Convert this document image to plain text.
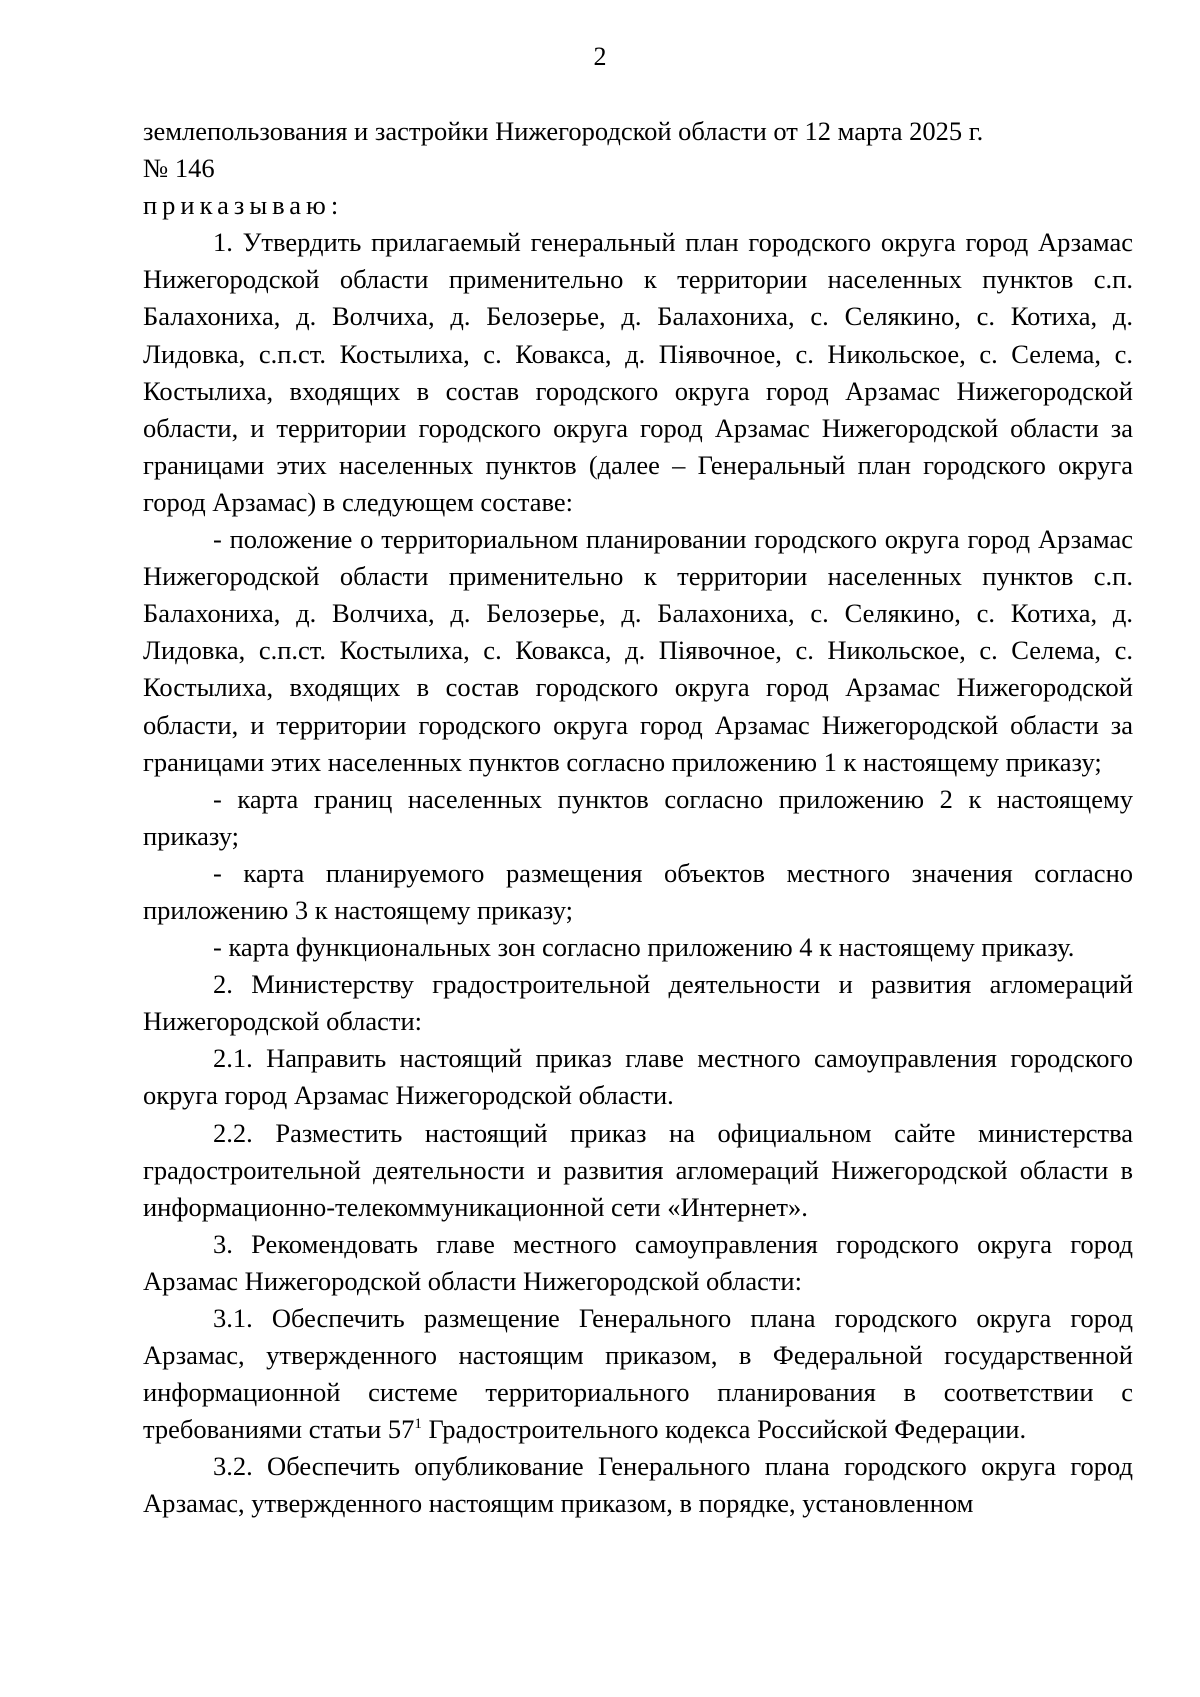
2

землепользования и застройки Нижегородской области от 12 марта 2025 г.
№ 146

приказываю:

1. Утвердить прилагаемый генеральный план городского округа город Арзамас Нижегородской области применительно к территории населенных пунктов с.п. Балахониха, д. Волчиха, д. Белозерье, д. Балахониха, с. Селякино, с. Котиха, д. Лидовка, с.п.ст. Костылиха, с. Ковакса, д. Піявочное, с. Никольское, с. Селема, с. Костылиха, входящих в состав городского округа город Арзамас Нижегородской области, и территории городского округа город Арзамас Нижегородской области за границами этих населенных пунктов (далее – Генеральный план городского округа город Арзамас) в следующем составе:

- положение о территориальном планировании городского округа город Арзамас Нижегородской области применительно к территории населенных пунктов с.п. Балахониха, д. Волчиха, д. Белозерье, д. Балахониха, с. Селякино, с. Котиха, д. Лидовка, с.п.ст. Костылиха, с. Ковакса, д. Піявочное, с. Никольское, с. Селема, с. Костылиха, входящих в состав городского округа город Арзамас Нижегородской области, и территории городского округа город Арзамас Нижегородской области за границами этих населенных пунктов согласно приложению 1 к настоящему приказу;

- карта границ населенных пунктов согласно приложению 2 к настоящему приказу;

- карта планируемого размещения объектов местного значения согласно приложению 3 к настоящему приказу;

- карта функциональных зон согласно приложению 4 к настоящему приказу.

2. Министерству градостроительной деятельности и развития агломераций Нижегородской области:

2.1. Направить настоящий приказ главе местного самоуправления городского округа город Арзамас Нижегородской области.

2.2. Разместить настоящий приказ на официальном сайте министерства градостроительной деятельности и развития агломераций Нижегородской области в информационно-телекоммуникационной сети «Интернет».

3. Рекомендовать главе местного самоуправления городского округа город Арзамас Нижегородской области Нижегородской области:

3.1. Обеспечить размещение Генерального плана городского округа город Арзамас, утвержденного настоящим приказом, в Федеральной государственной информационной системе территориального планирования в соответствии с требованиями статьи $57^1$ Градостроительного кодекса Российской Федерации.

3.2. Обеспечить опубликование Генерального плана городского округа город Арзамас, утвержденного настоящим приказом, в порядке, установленном
